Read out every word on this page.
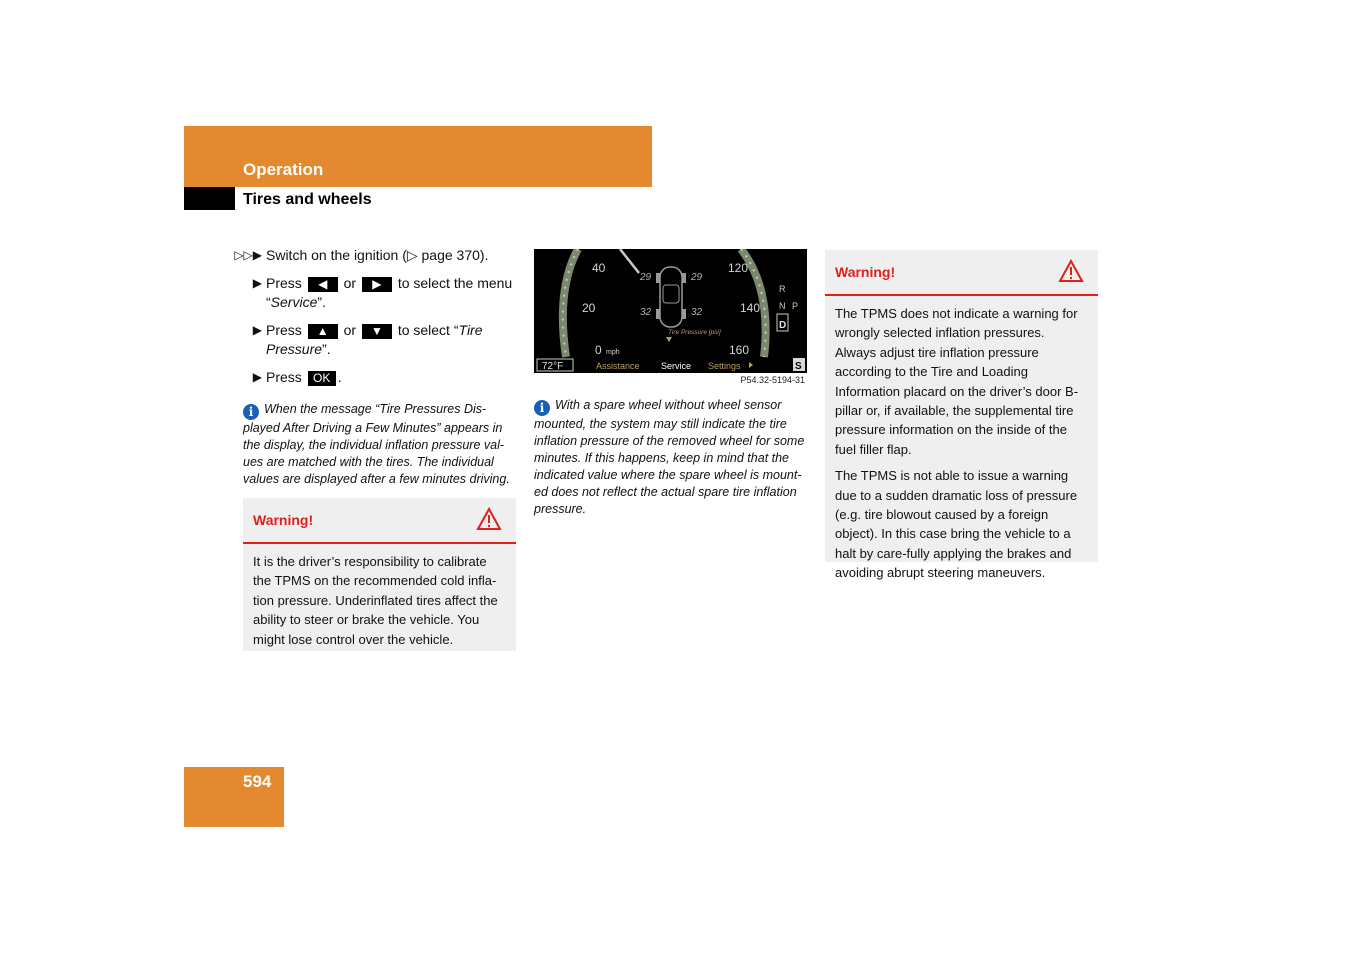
Operation
Tires and wheels
▷▷▶ Switch on the ignition (▷ page 370).
▶ Press ◀ or ▶ to select the menu “Service”.
▶ Press ▲ or ▼ to select “Tire Pressure”.
▶ Press OK .
i When the message “Tire Pressures Dis-played After Driving a Few Minutes” appears in the display, the individual inflation pressure val-ues are matched with the tires. The individual values are displayed after a few minutes driving.
Warning!

It is the driver’s responsibility to calibrate the TPMS on the recommended cold infla-tion pressure. Underinflated tires affect the ability to steer or brake the vehicle. You might lose control over the vehicle.

40
20
0 mph
120
140
160
29	29
32	32
Tire Pressure [psi]
R
N P
D
72°F	Assistance Service Settings	S
P54.32-5194-31
i With a spare wheel without wheel sensor mounted, the system may still indicate the tire inflation pressure of the removed wheel for some minutes. If this happens, keep in mind that the indicated value where the spare wheel is mount-ed does not reflect the actual spare tire inflation pressure.
Warning!

The TPMS does not indicate a warning for wrongly selected inflation pressures. Always adjust tire inflation pressure according to the Tire and Loading Information placard on the driver’s door B-pillar or, if available, the supplemental tire pressure information on the inside of the fuel filler flap.

The TPMS is not able to issue a warning due to a sudden dramatic loss of pressure (e.g. tire blowout caused by a foreign object). In this case bring the vehicle to a halt by care-fully applying the brakes and avoiding abrupt steering maneuvers.

594
